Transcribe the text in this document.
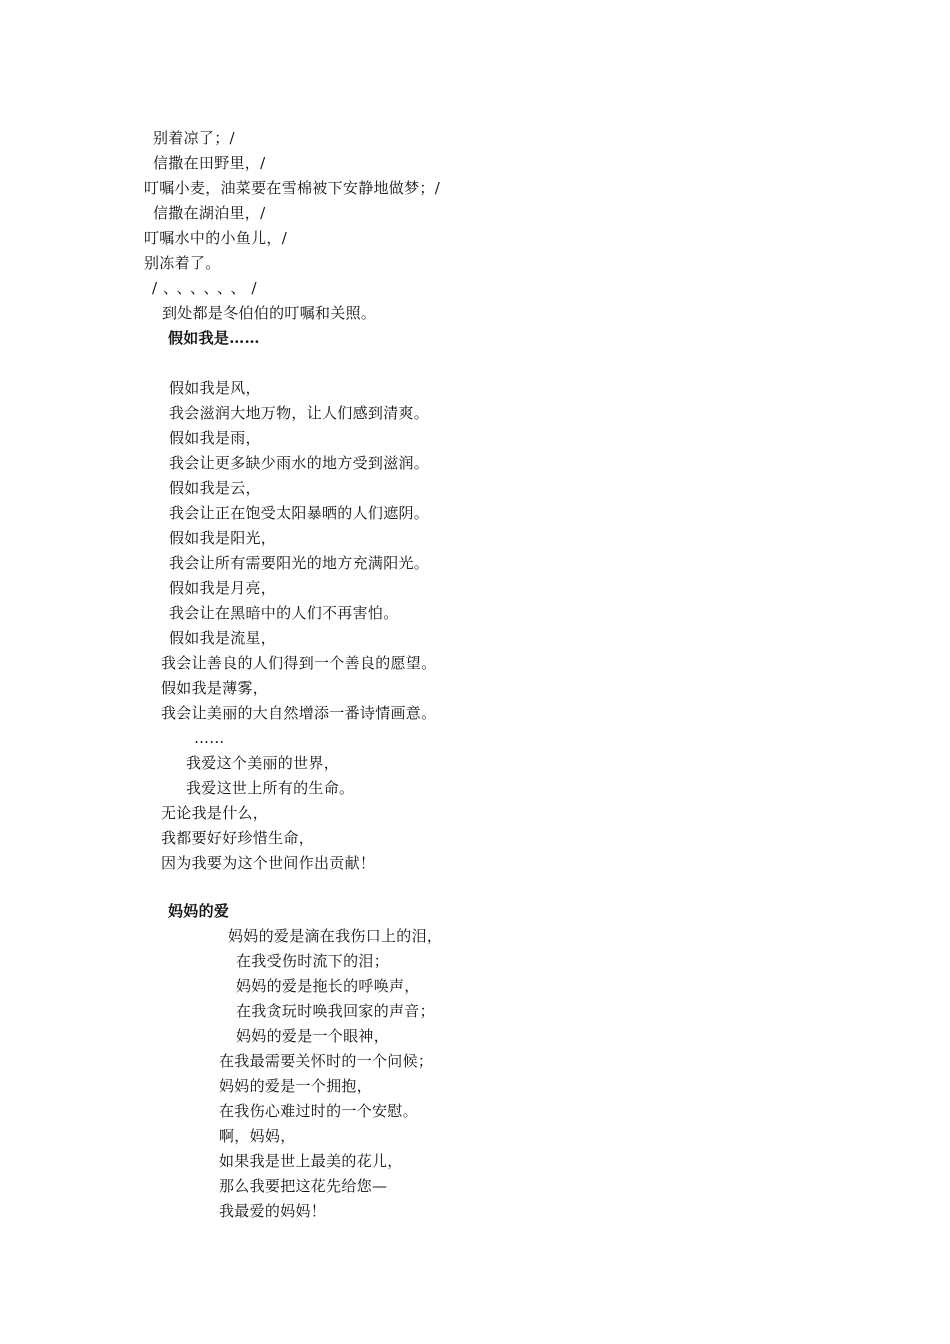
别着凉了；/
信撒在田野里，/
叮嘱小麦，油菜要在雪棉被下安静地做梦；/
信撒在湖泊里，/
叮嘱水中的小鱼儿，/
别冻着了。
/、、、、、、/
到处都是冬伯伯的叮嘱和关照。
假如我是……
假如我是风，
我会滋润大地万物，让人们感到清爽。
假如我是雨，
我会让更多缺少雨水的地方受到滋润。
假如我是云，
我会让正在饱受太阳暴晒的人们遮阴。
假如我是阳光，
我会让所有需要阳光的地方充满阳光。
假如我是月亮，
我会让在黑暗中的人们不再害怕。
假如我是流星，
我会让善良的人们得到一个善良的愿望。
假如我是薄雾，
我会让美丽的大自然增添一番诗情画意。
……
我爱这个美丽的世界，
我爱这世上所有的生命。
无论我是什么，
我都要好好珍惜生命，
因为我要为这个世间作出贡献！
妈妈的爱
妈妈的爱是滴在我伤口上的泪，
在我受伤时流下的泪；
妈妈的爱是拖长的呼唤声，
在我贪玩时唤我回家的声音；
妈妈的爱是一个眼神，
在我最需要关怀时的一个问候；
妈妈的爱是一个拥抱，
在我伤心难过时的一个安慰。
啊，妈妈，
如果我是世上最美的花儿，
那么我要把这花先给您—
我最爱的妈妈！
